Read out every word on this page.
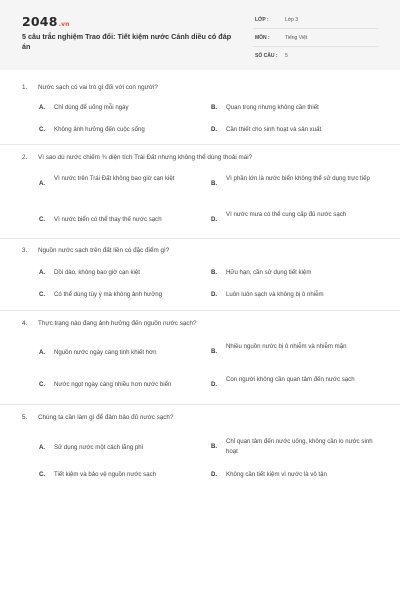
2048.vn
5 câu trắc nghiệm Trao đổi: Tiết kiệm nước Cánh diều có đáp án
LỚP :	Lớp 3
MÔN :	Tiếng Việt
SỐ CÂU : 5
1. Nước sạch có vai trò gì đối với con người?
A. Chỉ dùng để uống mỗi ngày	B. Quan trọng nhưng không cần thiết
C. Không ảnh hưởng đến cuộc sống	D. Cần thiết cho sinh hoạt và sản xuất
2. Vì sao dù nước chiếm ¾ diện tích Trái Đất nhưng không thể dùng thoải mái?
A.
Vì nước trên Trái Đất không bao giờ cạn kiệt
B.
Vì phần lớn là nước biển không thể sử dụng trực tiếp
C. Vì nước biển có thể thay thế nước sạch	D.
Vì nước mưa có thể cung cấp đủ nước sạch
3. Nguồn nước sạch trên đất liền có đặc điểm gì?
A. Dồi dào, không bao giờ cạn kiệt	B. Hữu hạn, cần sử dụng tiết kiệm
C. Có thể dùng tùy ý mà không ảnh hưởng	D. Luôn luôn sạch và không bị ô nhiễm
4. Thực trạng nào đang ảnh hưởng đến nguồn nước sạch?
A. Nguồn nước ngày càng tinh khiết hơn	B.
Nhiều nguồn nước bị ô nhiễm và nhiễm mặn
C. Nước ngọt ngày càng nhiều hơn nước biển	D.
Con người không cần quan tâm đến nước sạch
5. Chúng ta cần làm gì để đảm bảo đủ nước sạch?
A. Sử dụng nước một cách lãng phí	B.
Chỉ quan tâm đến nước uống, không cần lo nước sinh hoạt
C. Tiết kiệm và bảo vệ nguồn nước sạch	D. Không cần tiết kiệm vì nước là vô tận
